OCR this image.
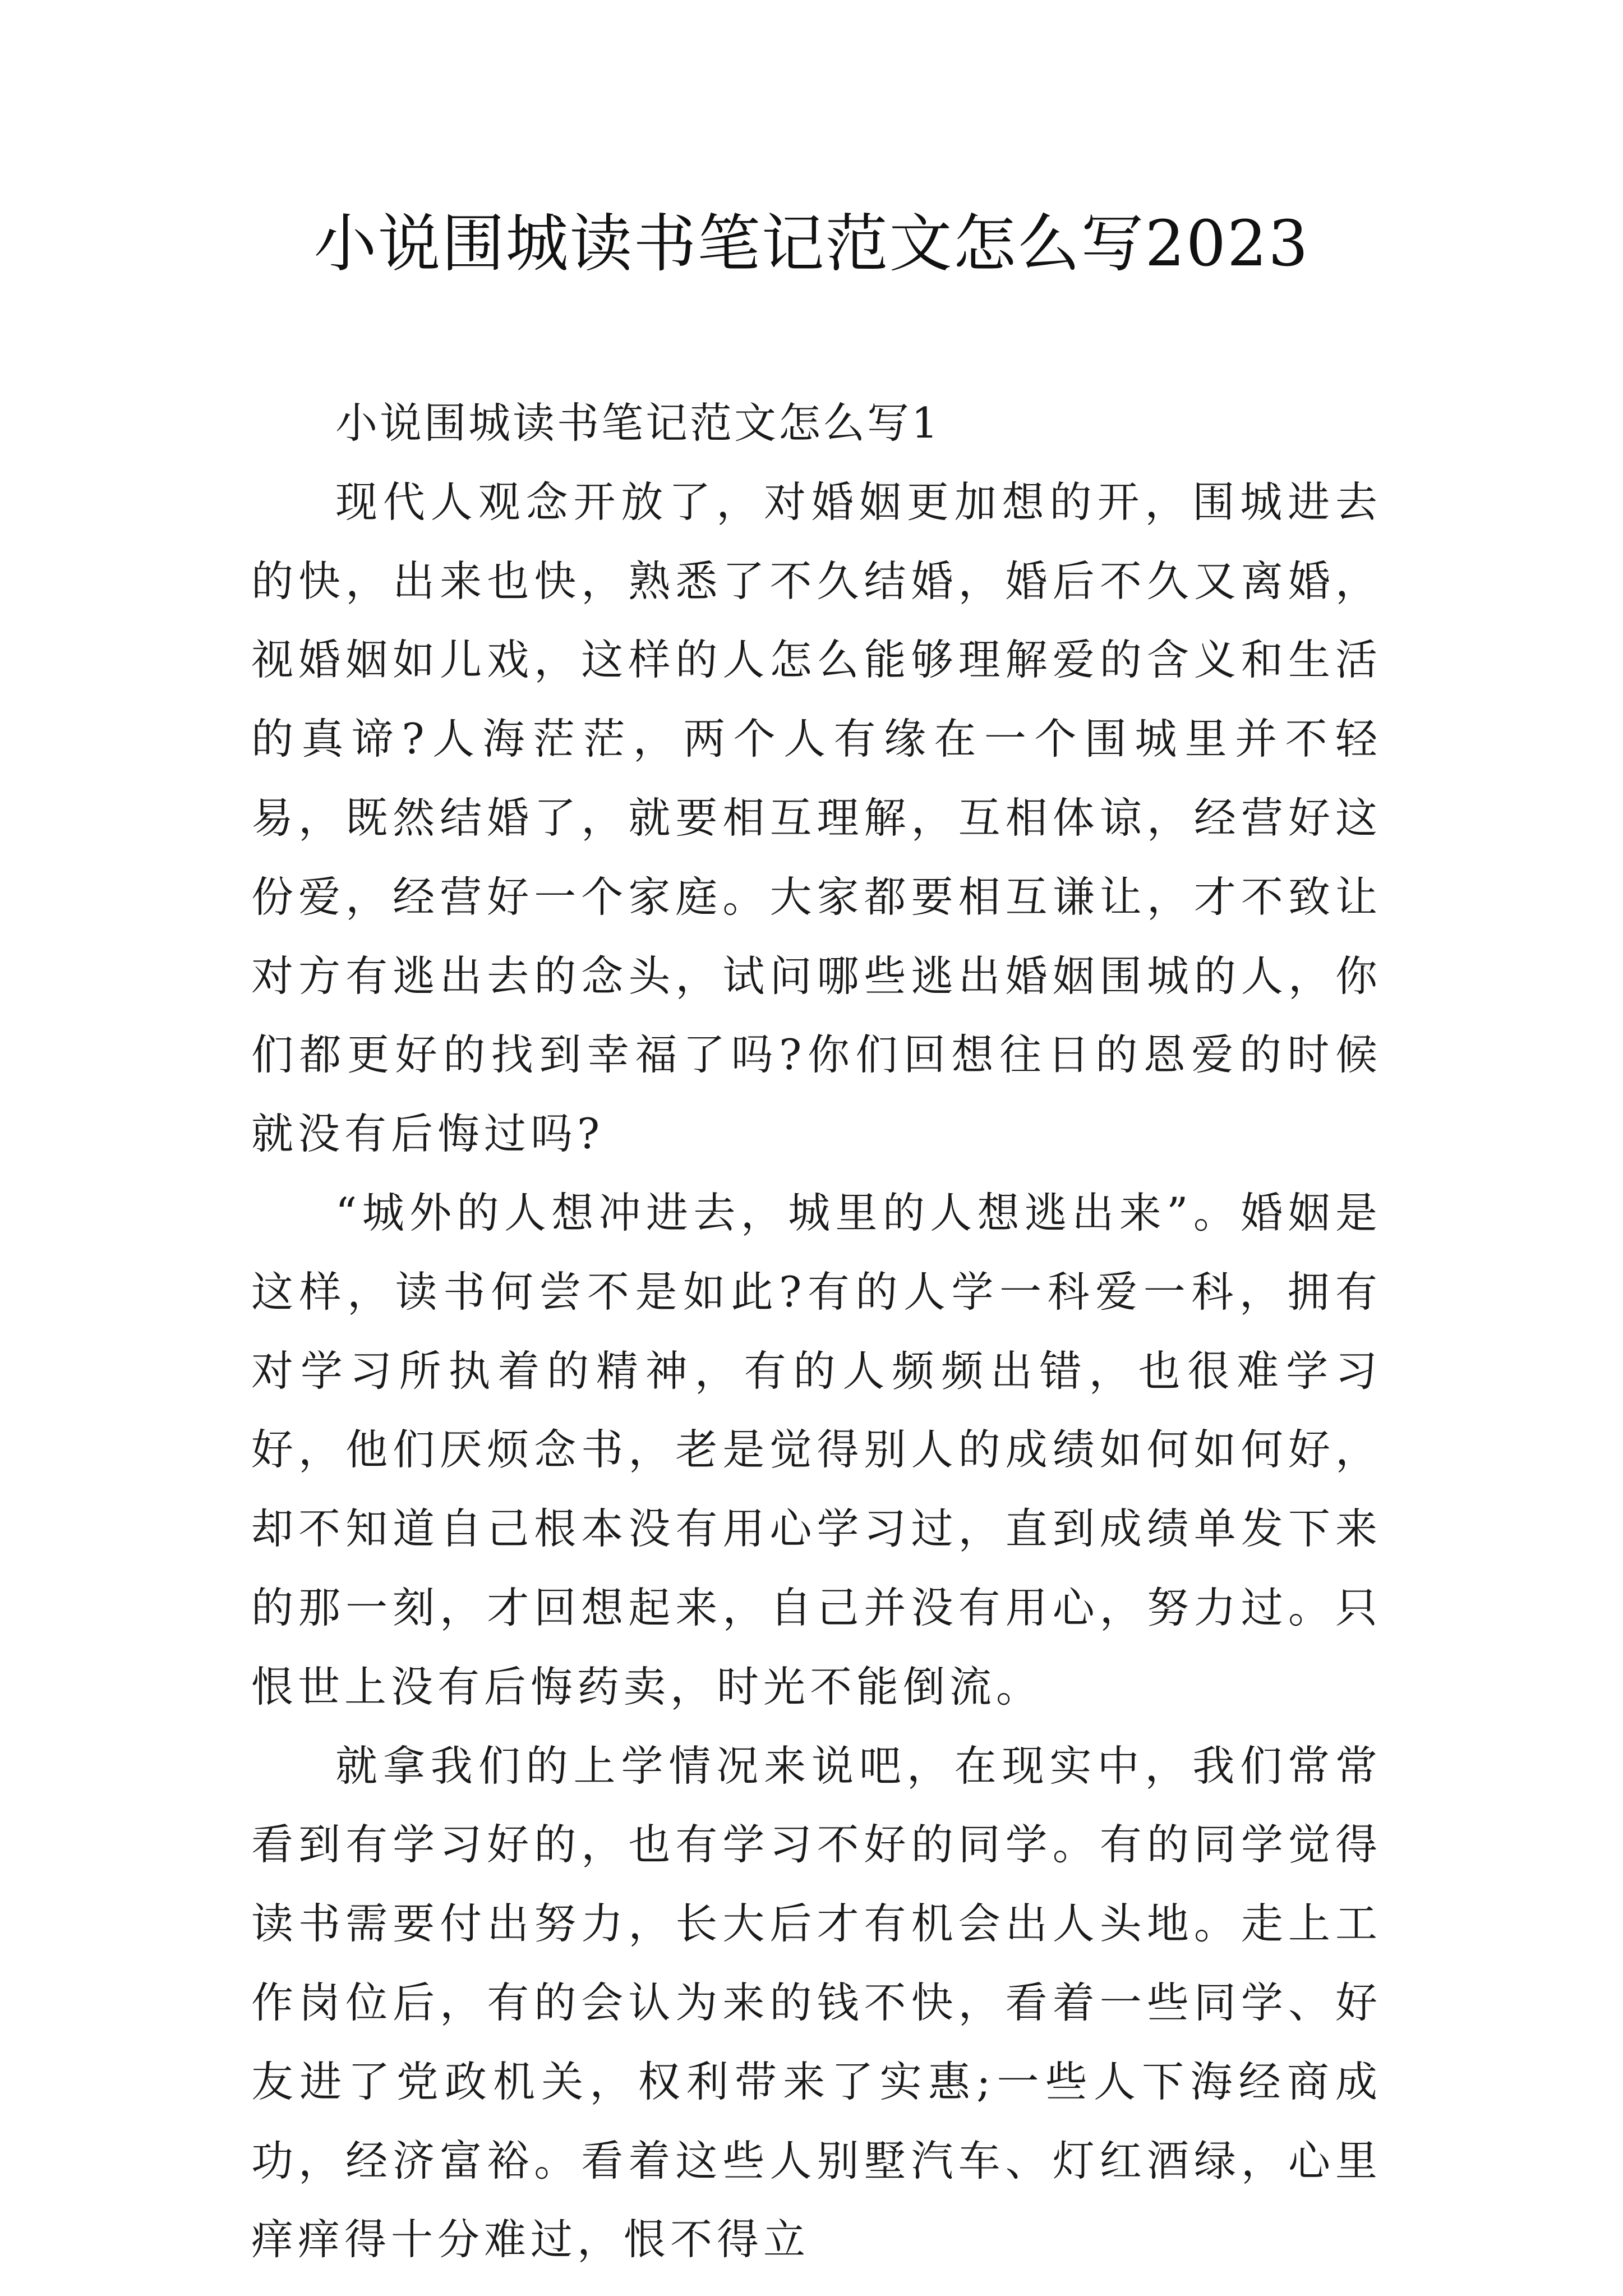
小说围城读书笔记范文怎么写2023

小说围城读书笔记范文怎么写1

现代人观念开放了，对婚姻更加想的开，围城进去的快，出来也快，熟悉了不久结婚，婚后不久又离婚，视婚姻如儿戏，这样的人怎么能够理解爱的含义和生活的真谛?人海茫茫，两个人有缘在一个围城里并不轻易，既然结婚了，就要相互理解，互相体谅，经营好这份爱，经营好一个家庭。大家都要相互谦让，才不致让对方有逃出去的念头，试问哪些逃出婚姻围城的人，你们都更好的找到幸福了吗?你们回想往日的恩爱的时候就没有后悔过吗?

“城外的人想冲进去，城里的人想逃出来”。婚姻是这样，读书何尝不是如此?有的人学一科爱一科，拥有对学习所执着的精神，有的人频频出错，也很难学习好，他们厌烦念书，老是觉得别人的成绩如何如何好，却不知道自己根本没有用心学习过，直到成绩单发下来的那一刻，才回想起来，自己并没有用心，努力过。只恨世上没有后悔药卖，时光不能倒流。

就拿我们的上学情况来说吧，在现实中，我们常常看到有学习好的，也有学习不好的同学。有的同学觉得读书需要付出努力，长大后才有机会出人头地。走上工作岗位后，有的会认为来的钱不快，看着一些同学、好友进了党政机关，权利带来了实惠;一些人下海经商成功，经济富裕。看着这些人别墅汽车、灯红酒绿，心里痒痒得十分难过，恨不得立
